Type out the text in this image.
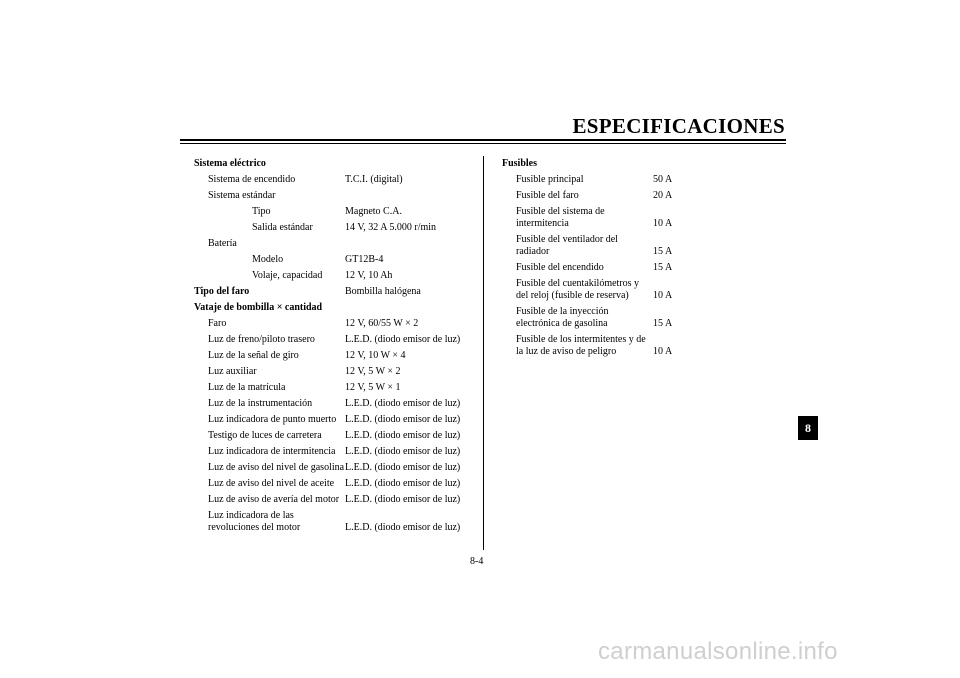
ESPECIFICACIONES
8-4
8
Sistema eléctrico
Sistema de encendido	T.C.I. (digital)
Sistema estándar
Tipo	Magneto C.A.
Salida estándar	14 V, 32 A 5.000 r/min
Batería
Modelo	GT12B-4
Volaje, capacidad 12 V, 10 Ah
Tipo del faro	Bombilla halógena
Vataje de bombilla × cantidad
Faro	12 V, 60/55 W × 2
Luz de freno/piloto trasero	L.E.D. (diodo emisor de luz)
Luz de la señal de giro	12 V, 10 W × 4
Luz auxiliar	12 V, 5 W × 2
Luz de la matrícula	12 V, 5 W × 1
Luz de la instrumentación	L.E.D. (diodo emisor de luz)
Luz indicadora de punto muerto L.E.D. (diodo emisor de luz)
Testigo de luces de carretera L.E.D. (diodo emisor de luz)
Luz indicadora de intermitencia L.E.D. (diodo emisor de luz)
Luz de aviso del nivel de gasolina L.E.D. (diodo emisor de luz)
Luz de aviso del nivel de aceite L.E.D. (diodo emisor de luz)
Luz de aviso de avería del motor L.E.D. (diodo emisor de luz)
Luz indicadora de las
revoluciones del motor	L.E.D. (diodo emisor de luz)
Fusibles
Fusible principal	50 A
Fusible del faro	20 A
Fusible del sistema de
intermitencia	10 A
Fusible del ventilador del
radiador	15 A
Fusible del encendido	15 A
Fusible del cuentakilómetros y
del reloj (fusible de reserva) 10 A
Fusible de la inyección
electrónica de gasolina	15 A
Fusible de los intermitentes y de
la luz de aviso de peligro	10 A
carmanualsonline.info
